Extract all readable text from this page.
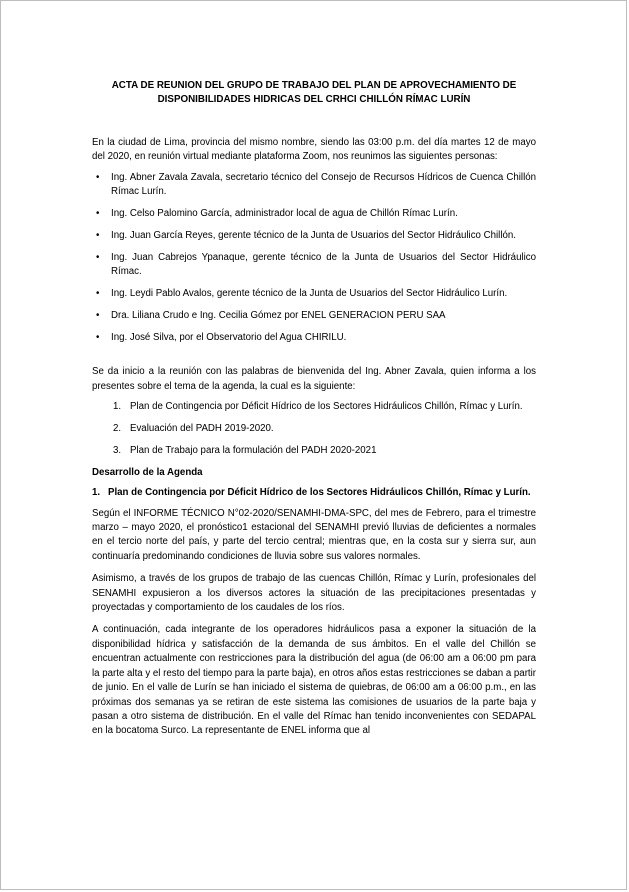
ACTA DE REUNION DEL GRUPO DE TRABAJO DEL PLAN DE APROVECHAMIENTO DE DISPONIBILIDADES HIDRICAS DEL CRHCI CHILLÓN RÍMAC LURÍN

En la ciudad de Lima, provincia del mismo nombre, siendo las 03:00 p.m. del día martes 12 de mayo del 2020, en reunión virtual mediante plataforma Zoom, nos reunimos las siguientes personas:

• Ing. Abner Zavala Zavala, secretario técnico del Consejo de Recursos Hídricos de Cuenca Chillón Rímac Lurín.
• Ing. Celso Palomino García, administrador local de agua de Chillón Rímac Lurín.
• Ing. Juan García Reyes, gerente técnico de la Junta de Usuarios del Sector Hidráulico Chillón.
• Ing. Juan Cabrejos Ypanaque, gerente técnico de la Junta de Usuarios del Sector Hidráulico Rímac.
• Ing. Leydi Pablo Avalos, gerente técnico de la Junta de Usuarios del Sector Hidráulico Lurín.
• Dra. Liliana Crudo e Ing. Cecilia Gómez por ENEL GENERACION PERU SAA
• Ing. José Silva, por el Observatorio del Agua CHIRILU.

Se da inicio a la reunión con las palabras de bienvenida del Ing. Abner Zavala, quien informa a los presentes sobre el tema de la agenda, la cual es la siguiente:

1. Plan de Contingencia por Déficit Hídrico de los Sectores Hidráulicos Chillón, Rímac y Lurín.
2. Evaluación del PADH 2019-2020.
3. Plan de Trabajo para la formulación del PADH 2020-2021
Desarrollo de la Agenda
1. Plan de Contingencia por Déficit Hídrico de los Sectores Hidráulicos Chillón, Rímac y Lurín.

Según el INFORME TÉCNICO N°02-2020/SENAMHI-DMA-SPC, del mes de Febrero, para el trimestre marzo – mayo 2020, el pronóstico1 estacional del SENAMHI previó lluvias de deficientes a normales en el tercio norte del país, y parte del tercio central; mientras que, en la costa sur y sierra sur, aun continuaría predominando condiciones de lluvia sobre sus valores normales.

Asimismo, a través de los grupos de trabajo de las cuencas Chillón, Rímac y Lurín, profesionales del SENAMHI expusieron a los diversos actores la situación de las precipitaciones presentadas y proyectadas y comportamiento de los caudales de los ríos.

A continuación, cada integrante de los operadores hidráulicos pasa a exponer la situación de la disponibilidad hídrica y satisfacción de la demanda de sus ámbitos. En el valle del Chillón se encuentran actualmente con restricciones para la distribución del agua (de 06:00 am a 06:00 pm para la parte alta y el resto del tiempo para la parte baja), en otros años estas restricciones se daban a partir de junio. En el valle de Lurín se han iniciado el sistema de quiebras, de 06:00 am a 06:00 p.m., en las próximas dos semanas ya se retiran de este sistema las comisiones de usuarios de la parte baja y pasan a otro sistema de distribución. En el valle del Rímac han tenido inconvenientes con SEDAPAL en la bocatoma Surco. La representante de ENEL informa que al
